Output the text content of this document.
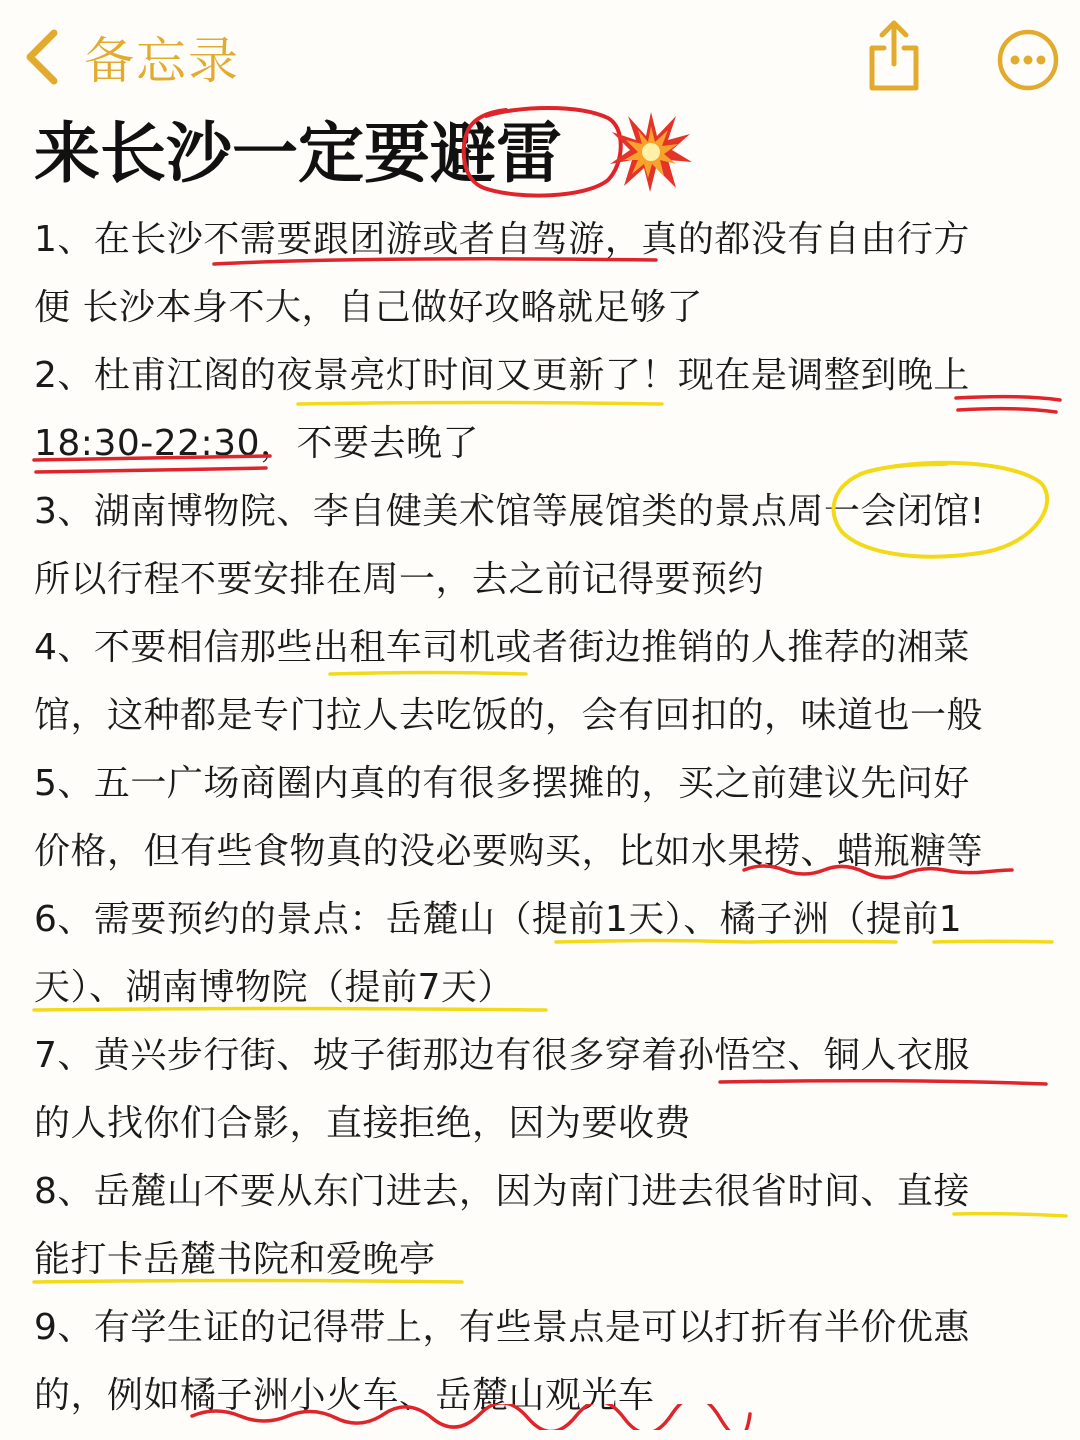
备忘录
来长沙一定要避雷
1、在长沙不需要跟团游或者自驾游，真的都没有自由行方
便 长沙本身不大，自己做好攻略就足够了
2、杜甫江阁的夜景亮灯时间又更新了！现在是调整到晚上
18:30-22:30，不要去晚了
3、湖南博物院、李自健美术馆等展馆类的景点周一会闭馆!
所以行程不要安排在周一，去之前记得要预约
4、不要相信那些出租车司机或者街边推销的人推荐的湘菜
馆，这种都是专门拉人去吃饭的，会有回扣的，味道也一般
5、五一广场商圈内真的有很多摆摊的，买之前建议先问好
价格，但有些食物真的没必要购买，比如水果捞、蜡瓶糖等
6、需要预约的景点：岳麓山（提前1天）、橘子洲（提前1
天）、湖南博物院（提前7天）
7、黄兴步行街、坡子街那边有很多穿着孙悟空、铜人衣服
的人找你们合影，直接拒绝，因为要收费
8、岳麓山不要从东门进去，因为南门进去很省时间、直接
能打卡岳麓书院和爱晚亭
9、有学生证的记得带上，有些景点是可以打折有半价优惠
的，例如橘子洲小火车、岳麓山观光车
